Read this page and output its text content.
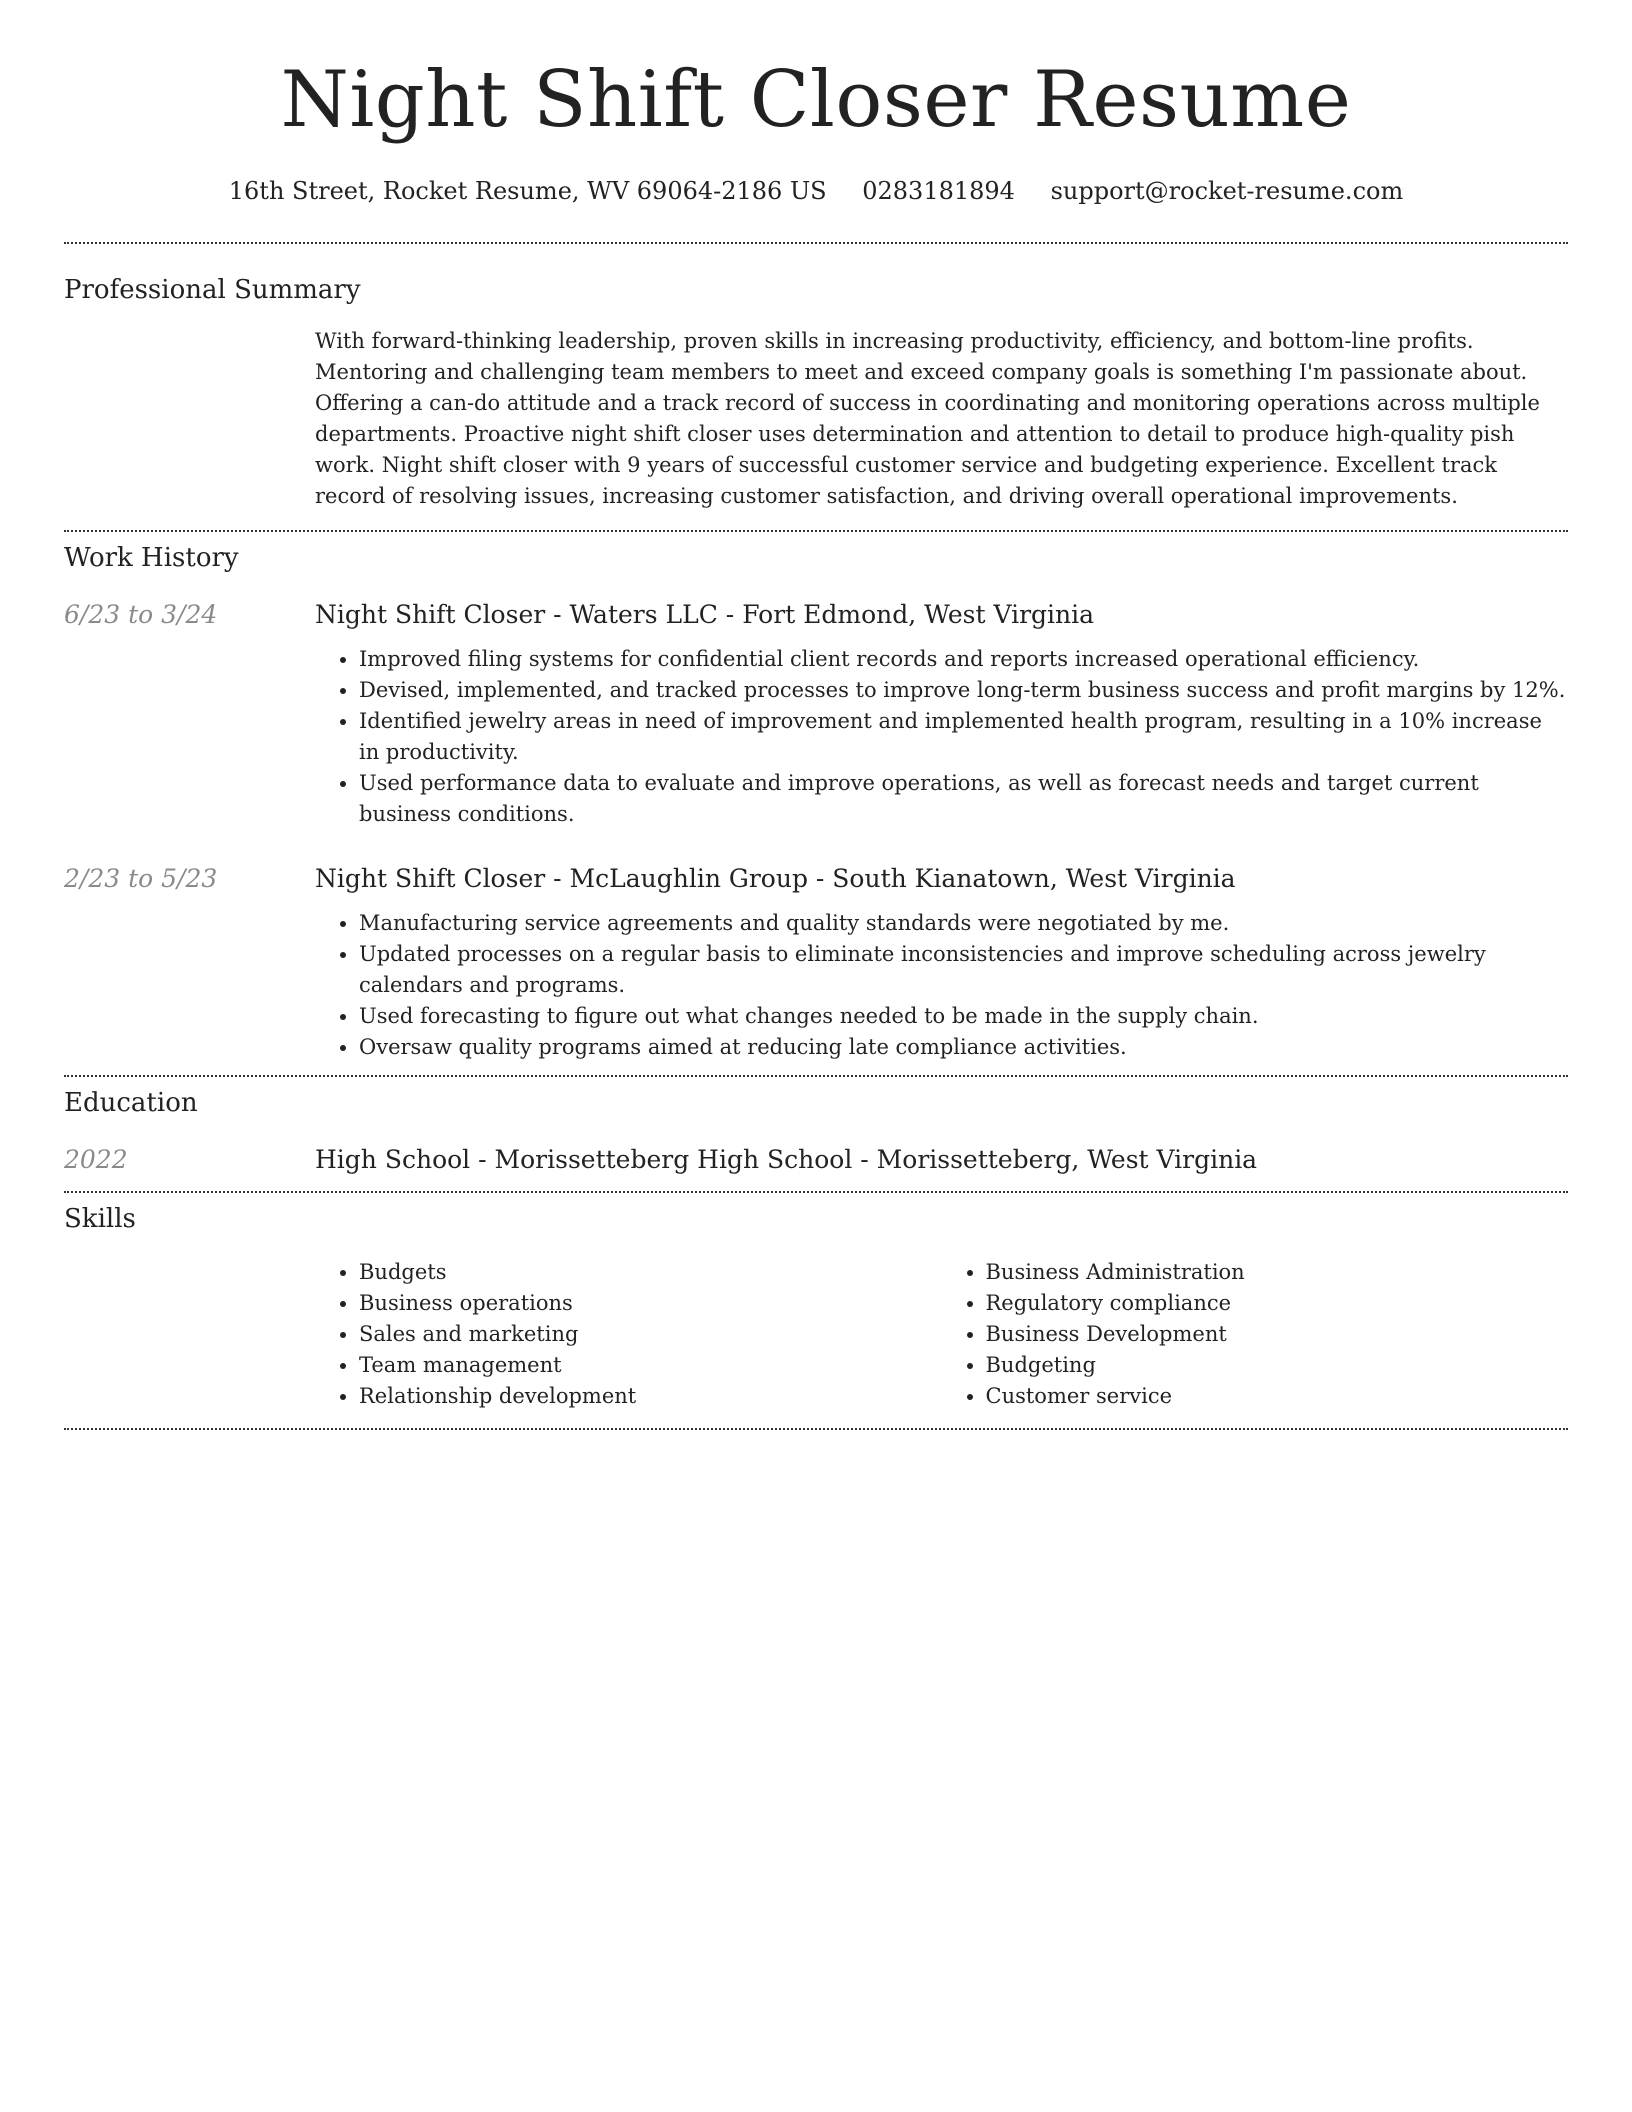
Night Shift Closer Resume
16th Street, Rocket Resume, WV 69064-2186 US 0283181894 support@rocket-resume.com
Professional Summary

With forward-thinking leadership, proven skills in increasing productivity, efficiency, and bottom-line profits. Mentoring and challenging team members to meet and exceed company goals is something I'm passionate about. Offering a can-do attitude and a track record of success in coordinating and monitoring operations across multiple departments. Proactive night shift closer uses determination and attention to detail to produce high-quality pish work. Night shift closer with 9 years of successful customer service and budgeting experience. Excellent track record of resolving issues, increasing customer satisfaction, and driving overall operational improvements.

Work History
6/23 to 3/24	Night Shift Closer - Waters LLC - Fort Edmond, West Virginia
• Improved filing systems for confidential client records and reports increased operational efficiency.
• Devised, implemented, and tracked processes to improve long-term business success and profit margins by 12%.
• Identified jewelry areas in need of improvement and implemented health program, resulting in a 10% increase in productivity.
• Used performance data to evaluate and improve operations, as well as forecast needs and target current business conditions.
2/23 to 5/23	Night Shift Closer - McLaughlin Group - South Kianatown, West Virginia
• Manufacturing service agreements and quality standards were negotiated by me.
• Updated processes on a regular basis to eliminate inconsistencies and improve scheduling across jewelry calendars and programs.
• Used forecasting to figure out what changes needed to be made in the supply chain.
• Oversaw quality programs aimed at reducing late compliance activities.
Education
2022	High School - Morissetteberg High School - Morissetteberg, West Virginia
Skills
• Budgets
• Business operations
• Sales and marketing
• Team management
• Relationship development
• Business Administration
• Regulatory compliance
• Business Development
• Budgeting
• Customer service
